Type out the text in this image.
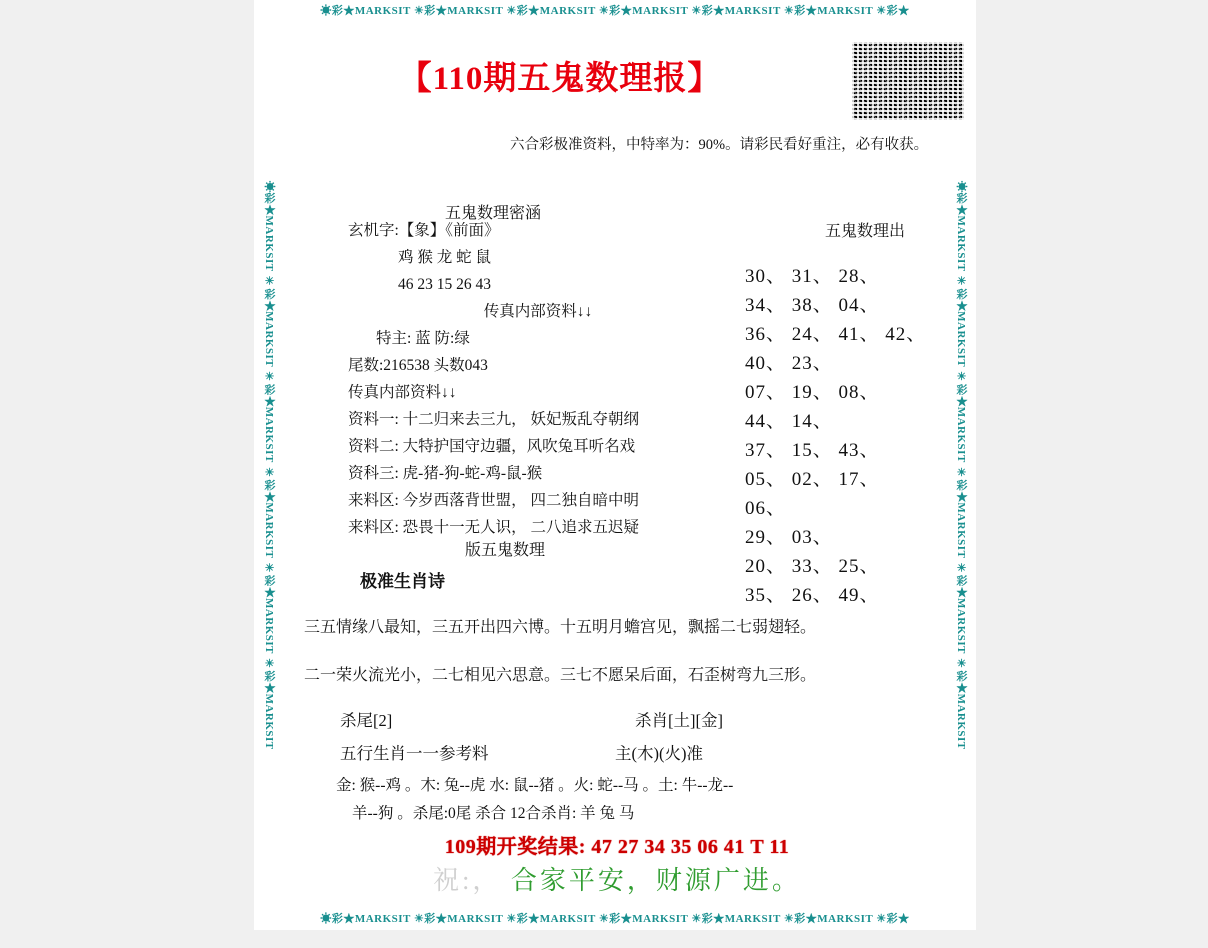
☀彩★MARKSIT ☀彩★MARKSIT ☀彩★MARKSIT ☀彩★MARKSIT ☀彩★MARKSIT ☀彩★MARKSIT ☀彩★
☀彩★MARKSIT ☀彩★MARKSIT ☀彩★MARKSIT ☀彩★MARKSIT ☀彩★MARKSIT ☀彩★MARKSIT ☀彩★
☀彩★MARKSIT ☀彩★MARKSIT ☀彩★MARKSIT ☀彩★MARKSIT ☀彩★MARKSIT ☀彩★MARKSIT	☀彩★MARKSIT ☀彩★MARKSIT ☀彩★MARKSIT ☀彩★MARKSIT ☀彩★MARKSIT ☀彩★MARKSIT
【110期五鬼数理报】
六合彩极准资料，中特率为：90%。请彩民看好重注，必有收获。
五鬼数理密涵
玄机字:【象】《前面》
鸡 猴 龙 蛇 鼠
46 23 15 26 43
传真内部资料↓↓
特主: 蓝 防:绿
尾数:216538 头数043
传真内部资料↓↓
资料一: 十二归来去三九， 妖妃叛乱夺朝纲
资料二: 大特护国守边疆，风吹兔耳听名戏
资科三: 虎-猪-狗-蛇-鸡-鼠-猴
来料区: 今岁西落背世盟， 四二独自暗中明
来料区: 恐畏十一无人识， 二八追求五迟疑
五鬼数理出
30、 31、 28、
34、 38、 04、
36、 24、 41、 42、
40、 23、
07、 19、 08、
44、 14、
37、 15、 43、
05、 02、 17、
06、
29、 03、
20、 33、 25、
35、 26、 49、
版五鬼数理
极准生肖诗
三五情缘八最知，三五开出四六博。十五明月蟾宫见，飘摇二七弱翅轻。
二一荣火流光小，二七相见六思意。三七不愿呆后面，石歪树弯九三形。
杀尾[2]	杀肖[土][金]
五行生肖一一参考料	主(木)(火)准
金: 猴--鸡 。木: 兔--虎 水: 鼠--猪 。火: 蛇--马 。土: 牛--龙--
羊--狗 。杀尾:0尾 杀合 12合杀肖: 羊 兔 马
109期开奖结果: 47 27 34 35 06 41 T 11
祝:， 合家平安，财源广进。
